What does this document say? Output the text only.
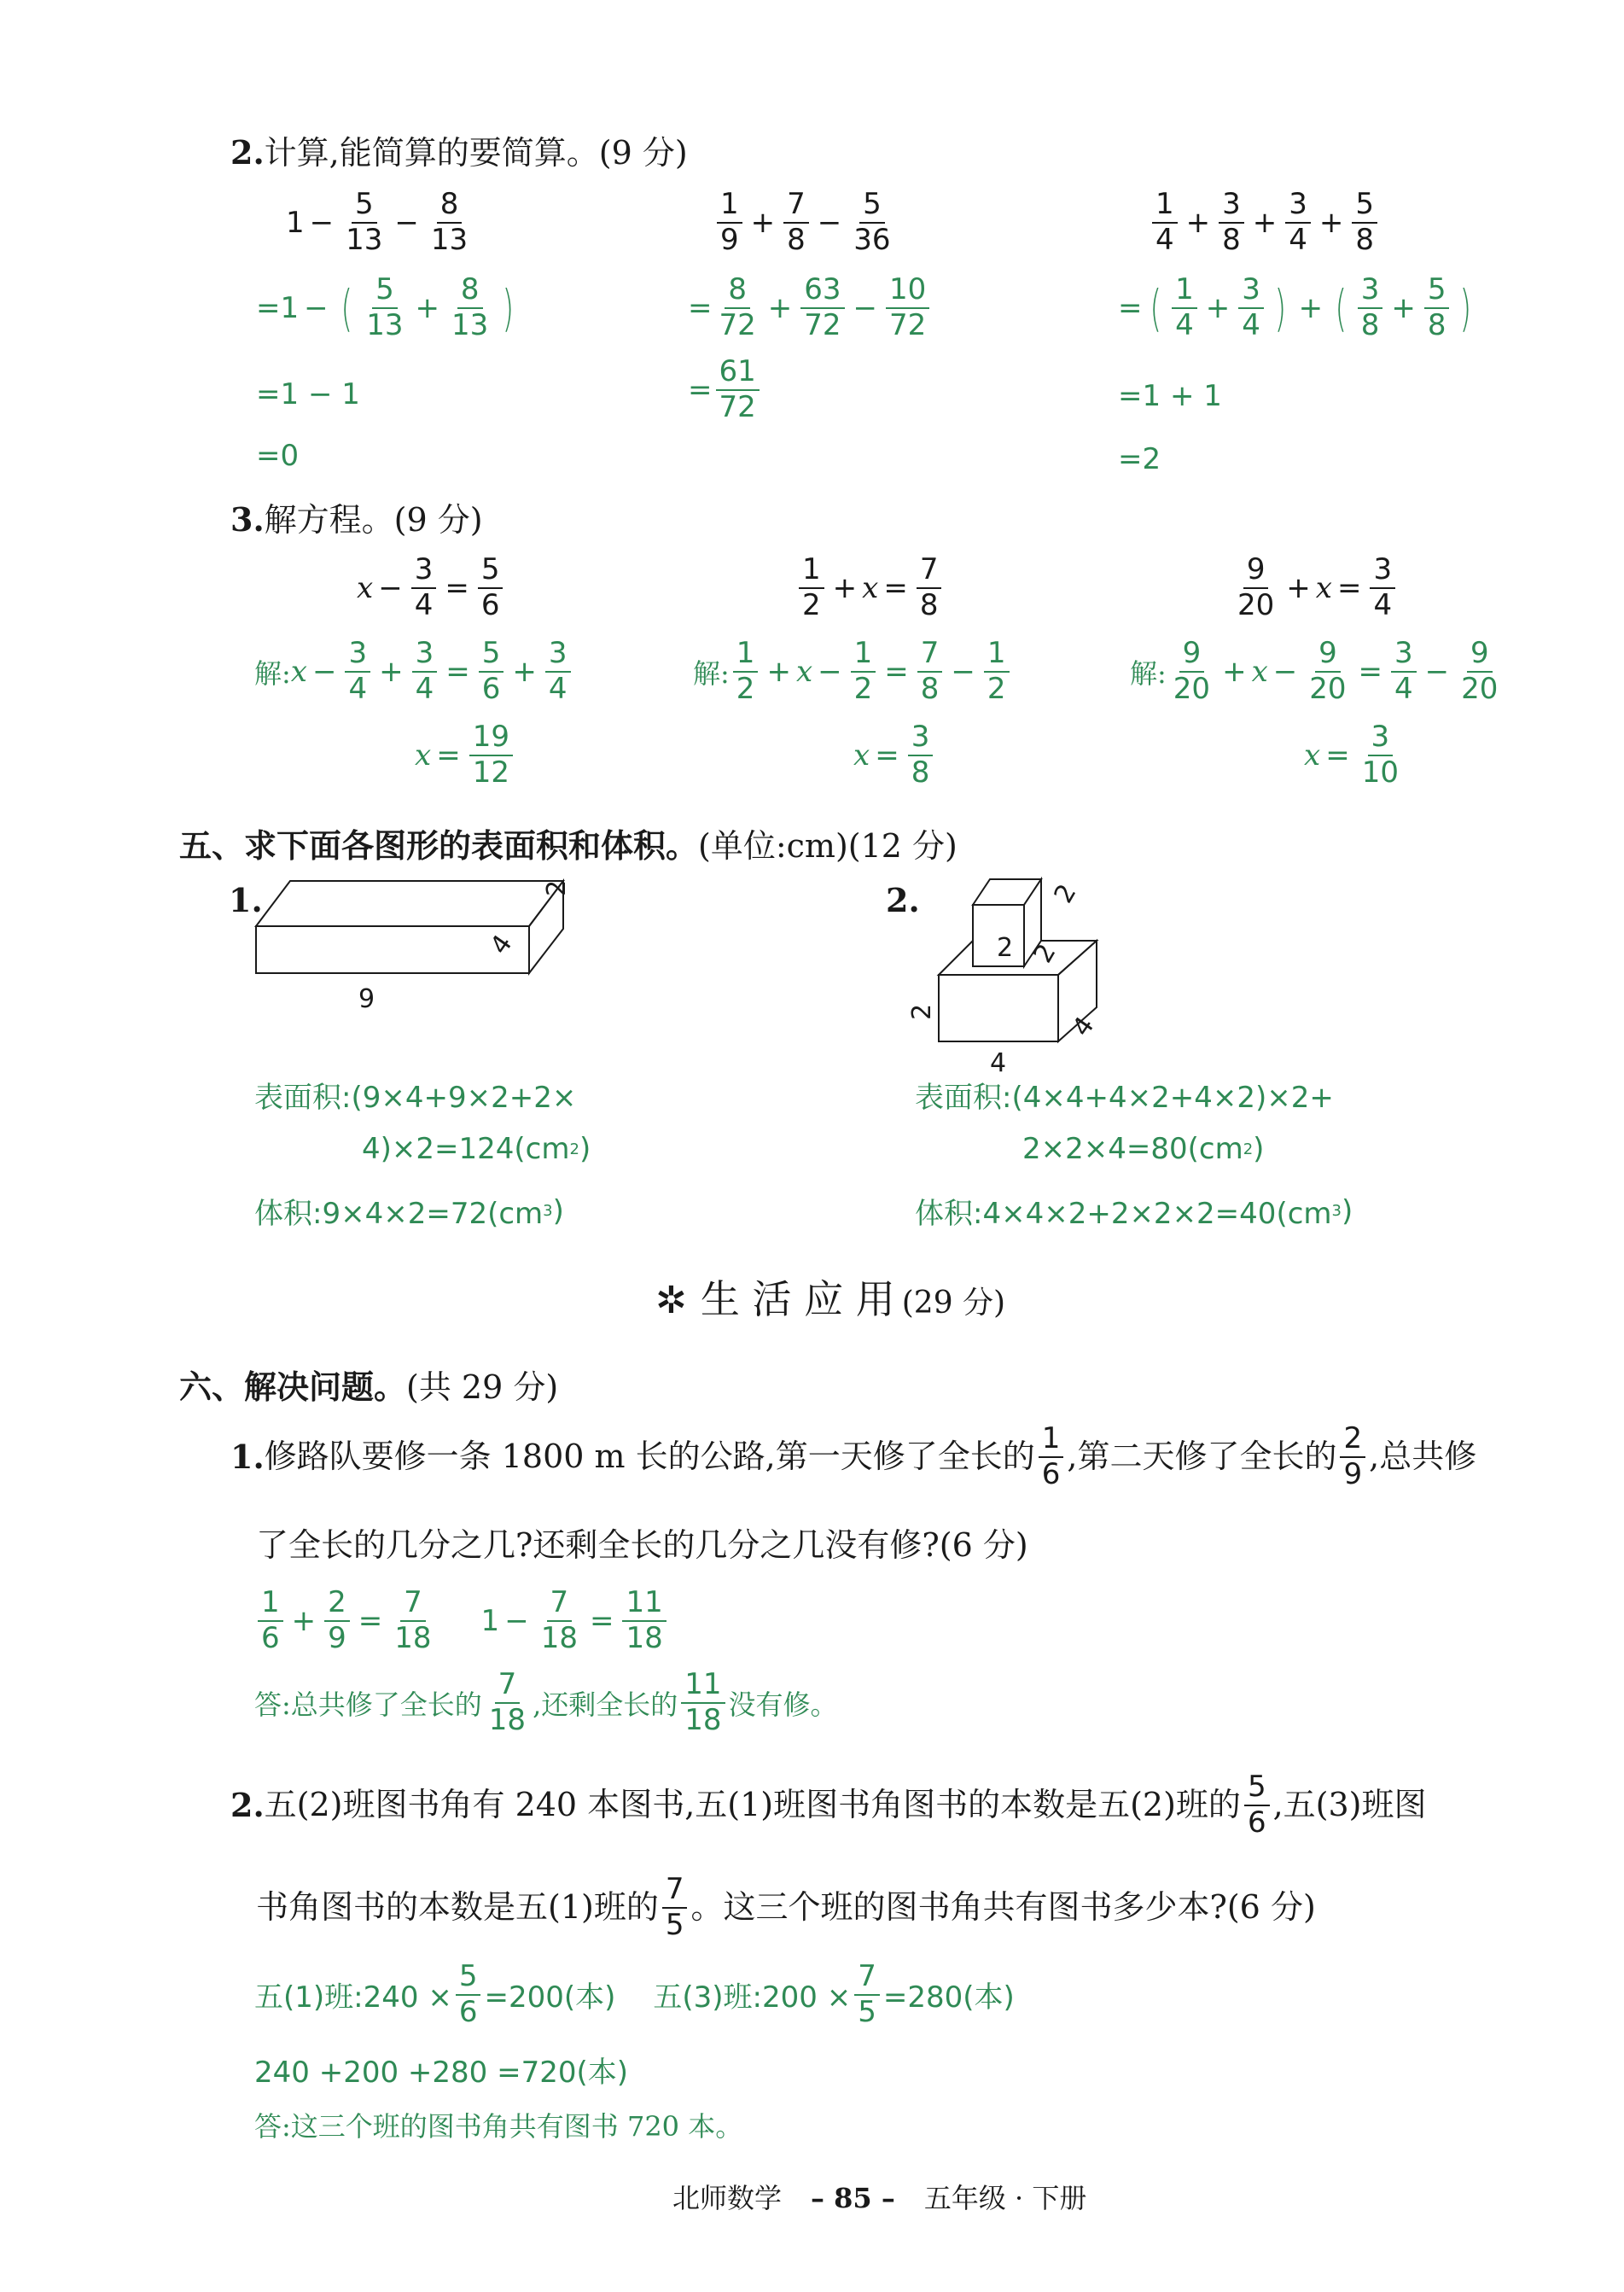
2.计算,能简算的要简算。(9 分)
$1 - \frac{5}{13} - \frac{8}{13}$
= 1 − ( $\frac{5}{13} + \frac{8}{13}$ )
= 1 − 1
= 0
$\frac{1}{9} + \frac{7}{8} - \frac{5}{36}$
= $\frac{8}{72} + \frac{63}{72} - \frac{10}{72}$
= $\frac{61}{72}$
$\frac{1}{4} + \frac{3}{8} + \frac{3}{4} + \frac{5}{8}$
= ( $\frac{1}{4} + \frac{3}{4}$ ) + ( $\frac{3}{8} + \frac{5}{8}$ )
= 1 + 1
= 2
3.解方程。(9 分)
$x - \frac{3}{4} = \frac{5}{6}$
解: $x - \frac{3}{4} + \frac{3}{4} = \frac{5}{6} + \frac{3}{4}$
$x = \frac{19}{12}$
$\frac{1}{2} + x = \frac{7}{8}$
解: $\frac{1}{2} + x - \frac{1}{2} = \frac{7}{8} - \frac{1}{2}$
$x = \frac{3}{8}$
$\frac{9}{20} + x = \frac{3}{4}$
解: $\frac{9}{20} + x - \frac{9}{20} = \frac{3}{4} - \frac{9}{20}$
$x = \frac{3}{10}$
五、求下面各图形的表面积和体积。(单位:cm)(12 分)
1.
9
4
2	2.
2
2
2
2
4
4
表面积:(9×4+9×2+2×
4)×2=124(cm 2 )
体积:9×4×2=72(cm 3 )
表面积:(4×4+4×2+4×2)×2+
2×2×4=80(cm 2 )
体积:4×4×2+2×2×2=40(cm 3 )
✲ 生 活 应 用 (29 分)
六、解决问题。(共 29 分)
1. 修路队要修一条 1800 m 长的公路,第一天修了全长的 $\frac{1}{6}$ ,第二天修了全长的 $\frac{2}{9}$ ,总共修
了全长的几分之几?还剩全长的几分之几没有修?(6 分)
$\frac{1}{6} + \frac{2}{9} = \frac{7}{18} 1 - \frac{7}{18} = \frac{11}{18}$
答:总共修了全长的 $\frac{7}{18}$ ,还剩全长的 $\frac{11}{18}$ 没有修。
2. 五(2)班图书角有 240 本图书,五(1)班图书角图书的本数是五(2)班的 $\frac{5}{6}$ ,五(3)班图
书角图书的本数是五(1)班的 $\frac{7}{5}$ 。这三个班的图书角共有图书多少本?(6 分)
五(1)班:240 × $\frac{5}{6} =200$(本) 五(3)班:200 × $\frac{7}{5} =280$(本)
240 +200 +280 =720(本)
答:这三个班的图书角共有图书 720 本。
北师数学 – 85 – 五年级 · 下册
